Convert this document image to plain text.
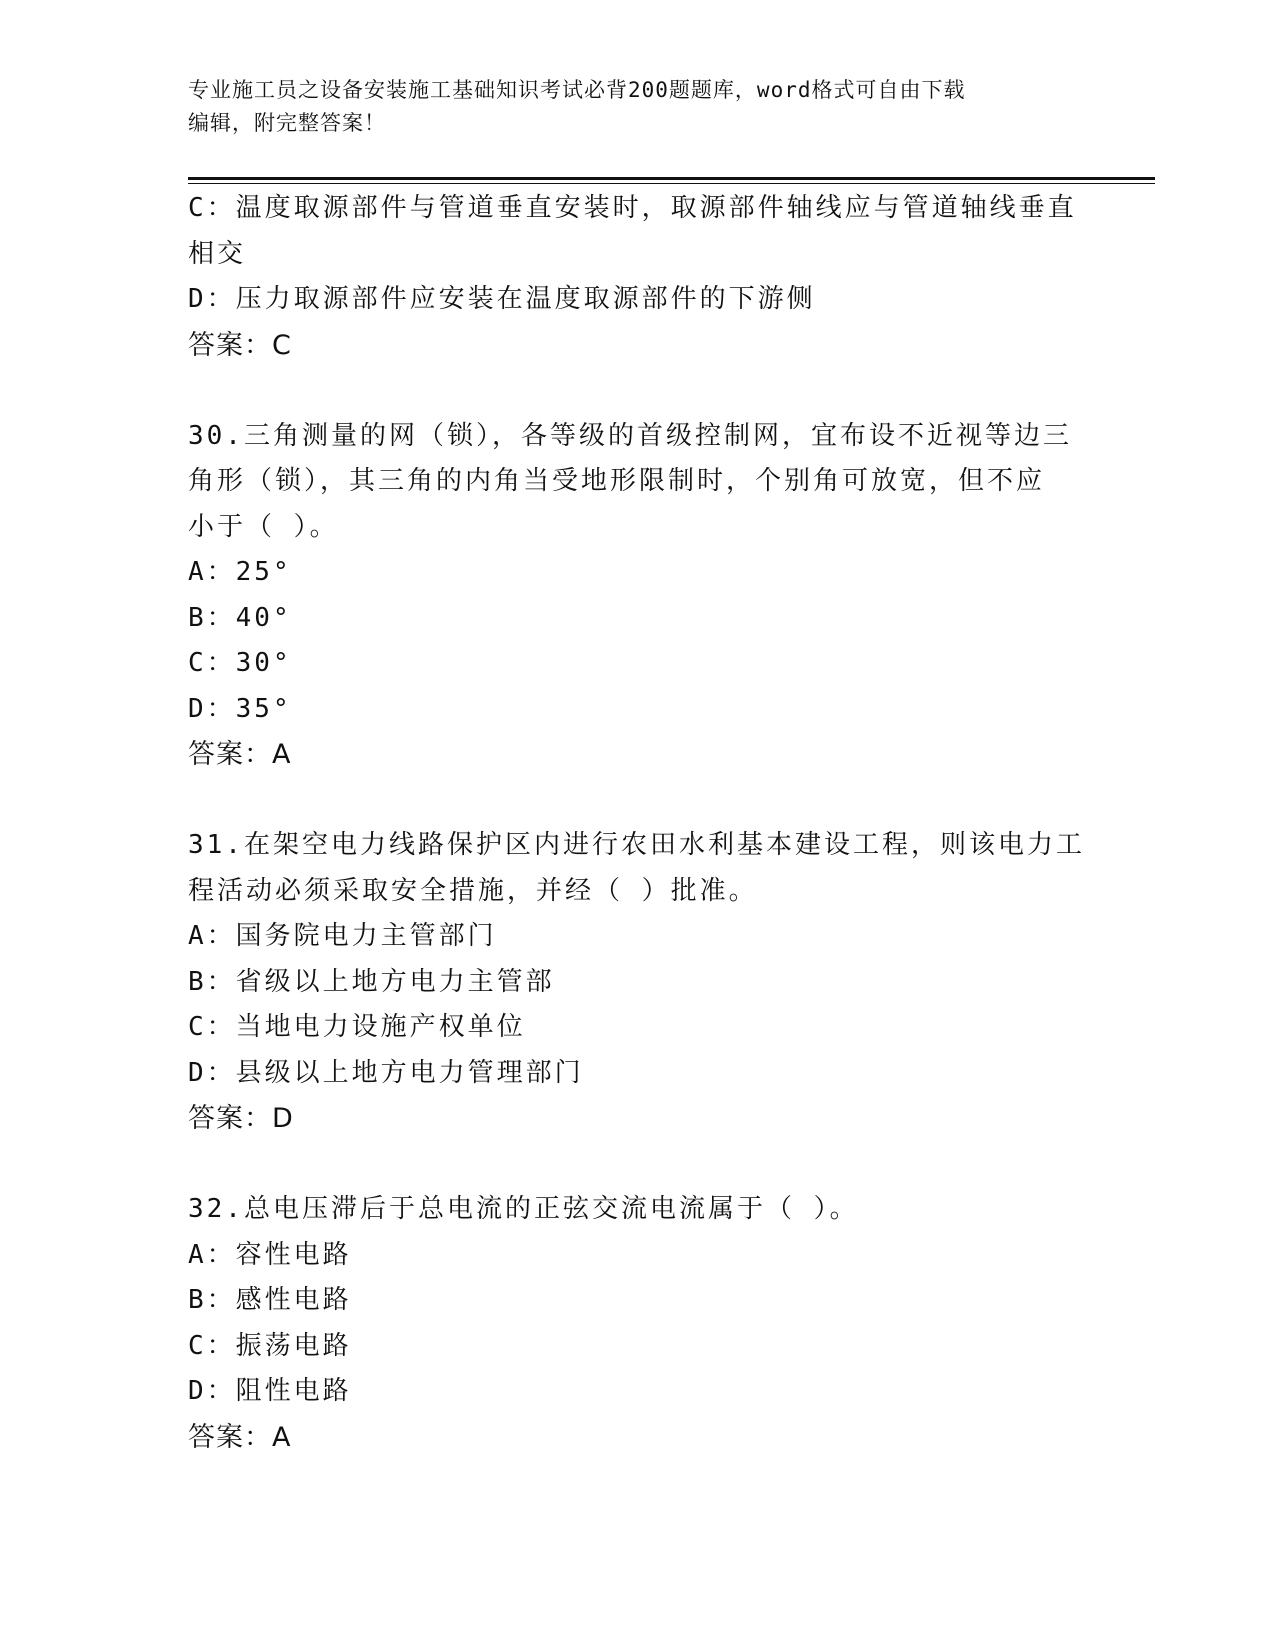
专业施工员之设备安装施工基础知识考试必背200题题库，word格式可自由下载
编辑，附完整答案！
C：温度取源部件与管道垂直安装时，取源部件轴线应与管道轴线垂直
相交
D：压力取源部件应安装在温度取源部件的下游侧
答案：C
30.三角测量的网（锁），各等级的首级控制网，宜布设不近视等边三
角形（锁），其三角的内角当受地形限制时，个别角可放宽，但不应
小于（ ）。
A：25°
B：40°
C：30°
D：35°
答案：A
31.在架空电力线路保护区内进行农田水利基本建设工程，则该电力工
程活动必须采取安全措施，并经（ ）批准。
A：国务院电力主管部门
B：省级以上地方电力主管部
C：当地电力设施产权单位
D：县级以上地方电力管理部门
答案：D
32.总电压滞后于总电流的正弦交流电流属于（ ）。
A：容性电路
B：感性电路
C：振荡电路
D：阻性电路
答案：A
